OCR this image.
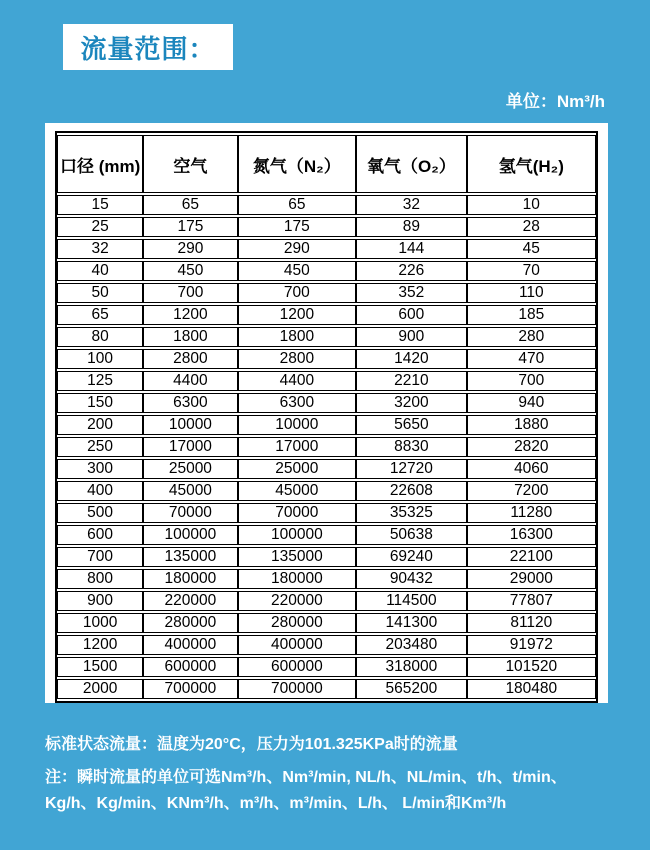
流量范围：
单位：Nm³/h
口径 (mm)	空气	氮气（N₂）	氧气（O₂）	氢气(H₂)
15	65	65	32	10
25	175	175	89	28
32	290	290	144	45
40	450	450	226	70
50	700	700	352	110
65	1200	1200	600	185
80	1800	1800	900	280
100	2800	2800	1420	470
125	4400	4400	2210	700
150	6300	6300	3200	940
200	10000	10000	5650	1880
250	17000	17000	8830	2820
300	25000	25000	12720	4060
400	45000	45000	22608	7200
500	70000	70000	35325	11280
600	100000	100000	50638	16300
700	135000	135000	69240	22100
800	180000	180000	90432	29000
900	220000	220000	114500	77807
1000	280000	280000	141300	81120
1200	400000	400000	203480	91972
1500	600000	600000	318000	101520
2000	700000	700000	565200	180480
标准状态流量：温度为20°C，压力为101.325KPa时的流量
注：瞬时流量的单位可选Nm³/h、Nm³/min, NL/h、NL/min、t/h、t/min、
Kg/h、Kg/min、KNm³/h、m³/h、m³/min、L/h、 L/min和Km³/h
